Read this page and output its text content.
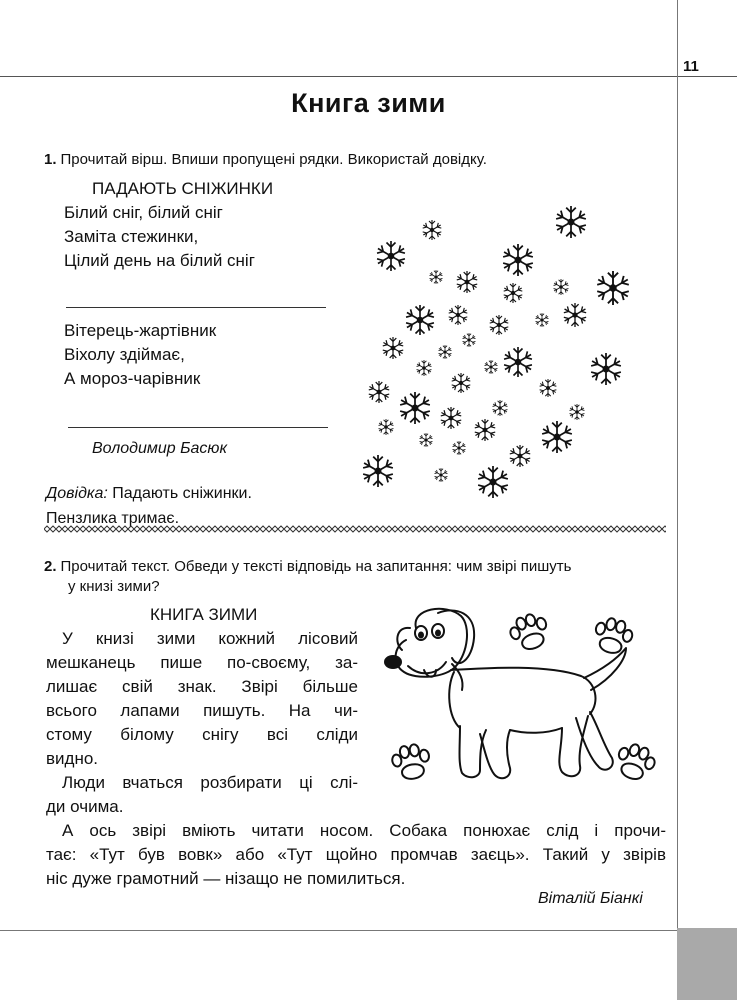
11
Книга зими
1. Прочитай вірш. Впиши пропущені рядки. Використай довідку.
ПАДАЮТЬ СНІЖИНКИ
Білий сніг, білий сніг
Заміта стежинки,
Цілий день на білий сніг
Вітерець-жартівник
Віхолу здіймає,
А мороз-чарівник
Володимир Басюк
Довідка: Падають сніжинки.
Пензлика тримає.
2. Прочитай текст. Обведи у тексті відповідь на запитання: чим звірі пишуть
у книзі зими?
КНИГА ЗИМИ
У книзі зими кожний лісовий
мешканець пише по-своєму, за-
лишає свій знак. Звірі більше
всього лапами пишуть. На чи-
стому білому снігу всі сліди
видно.
Люди вчаться розбирати ці слі-
ди очима.
А ось звірі вміють читати носом. Собака понюхає слід і прочи-
тає: «Тут був вовк» або «Тут щойно промчав заєць». Такий у звірів
ніс дуже грамотний — нізащо не помилиться.
Віталій Біанкі
